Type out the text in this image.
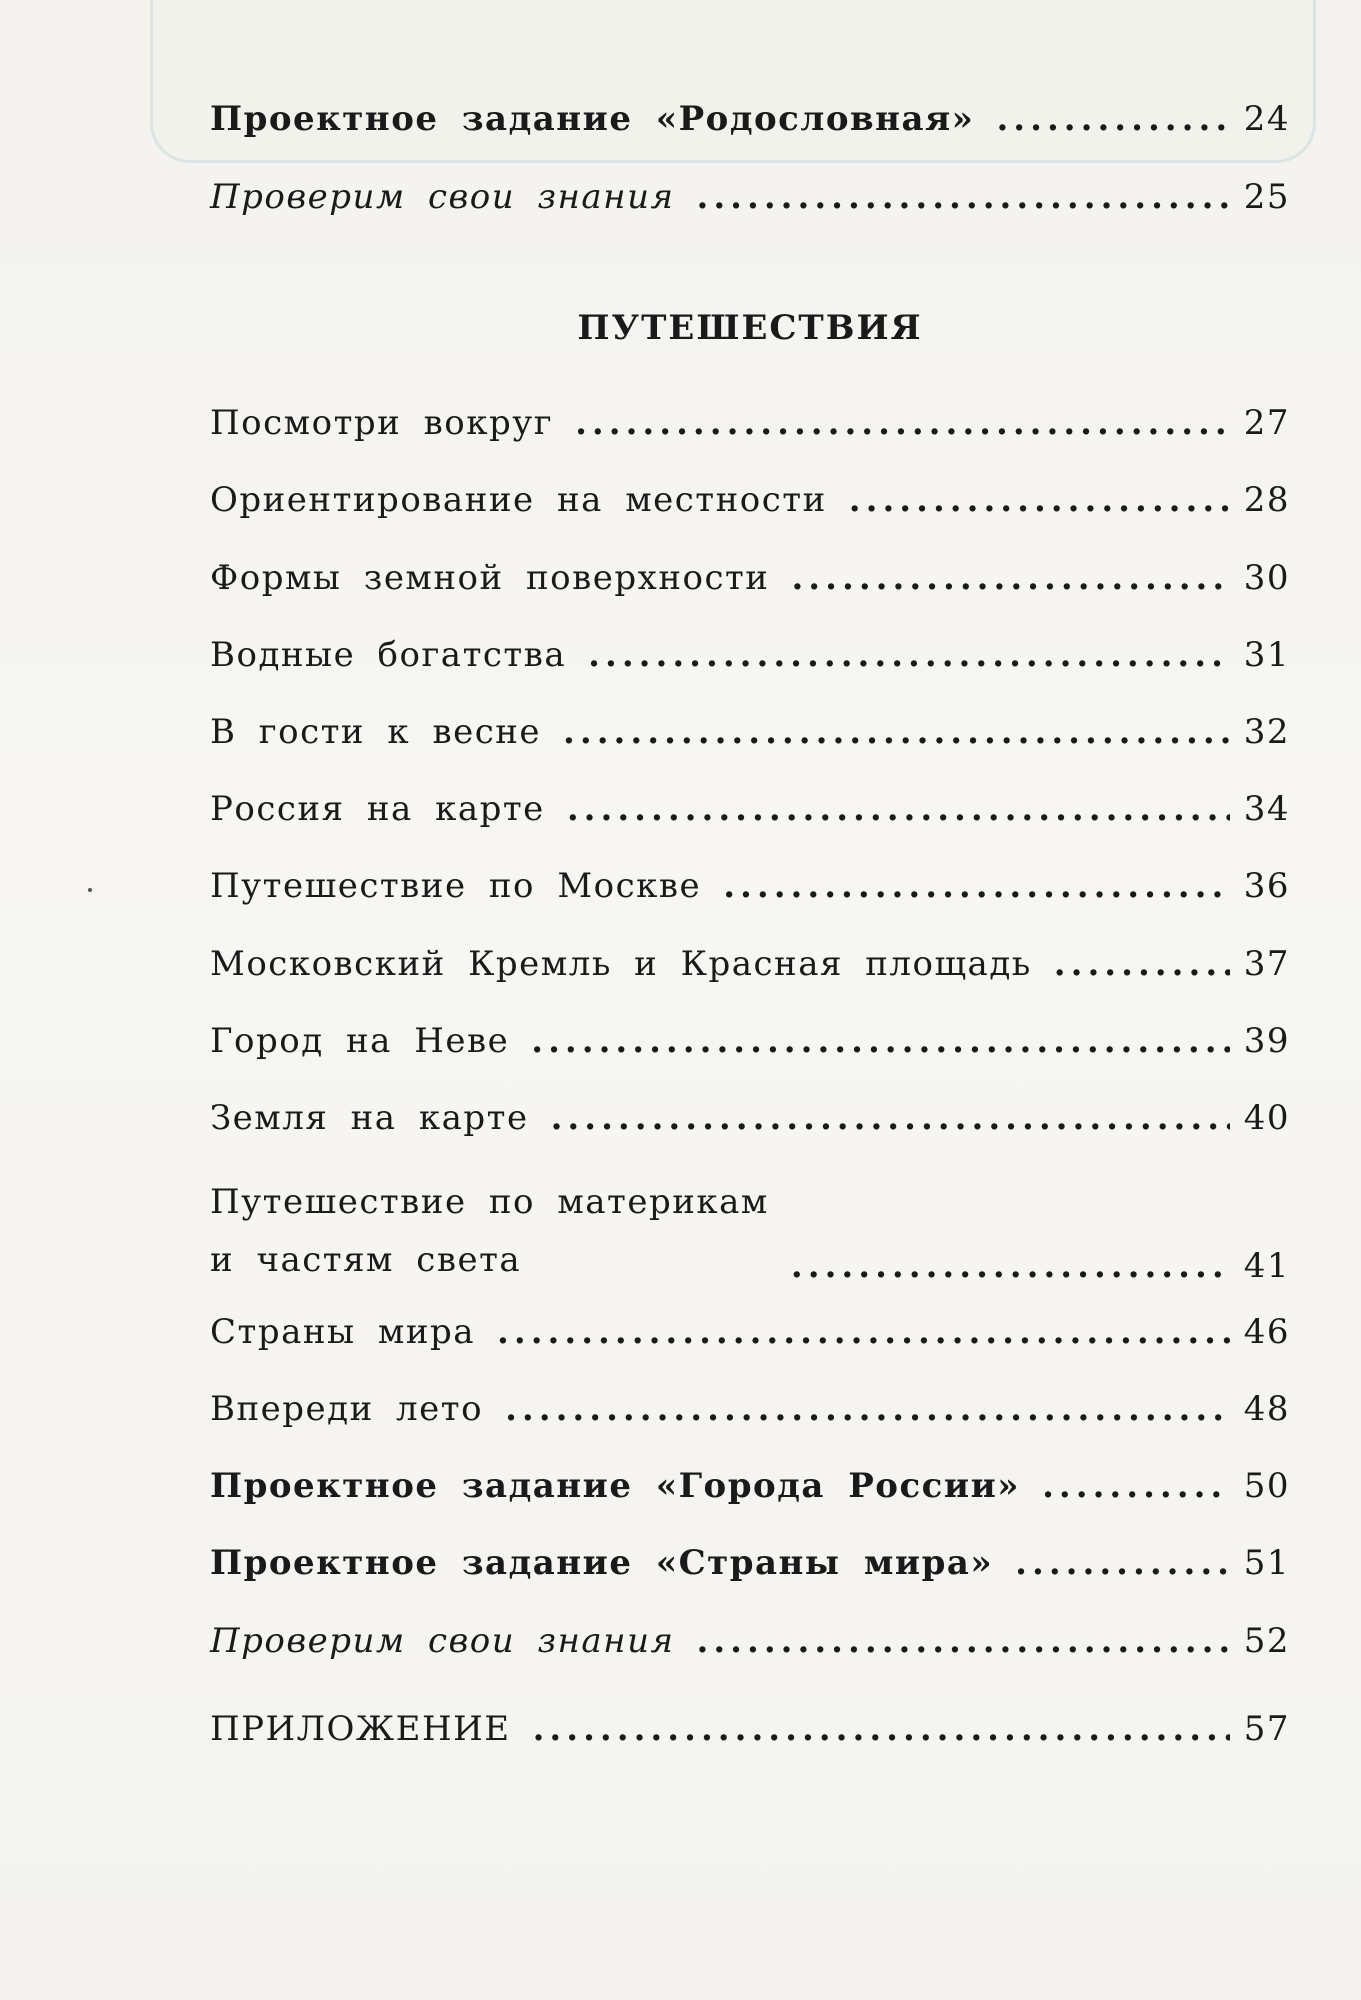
Проектное задание «Родословная» .....	24
Проверим свои знания .....	25
ПУТЕШЕСТВИЯ
Посмотри вокруг .....	27
Ориентирование на местности .....	28
Формы земной поверхности .....	30
Водные богатства .....	31
В гости к весне .....	32
Россия на карте .....	34
Путешествие по Москве .....	36
Московский Кремль и Красная площадь .....	37
Город на Неве .....	39
Земля на карте .....	40
Путешествие по материкам
и частям света .....	41
Страны мира .....	46
Впереди лето .....	48
Проектное задание «Города России» .....	50
Проектное задание «Страны мира» .....	51
Проверим свои знания .....	52
ПРИЛОЖЕНИЕ .....	57
